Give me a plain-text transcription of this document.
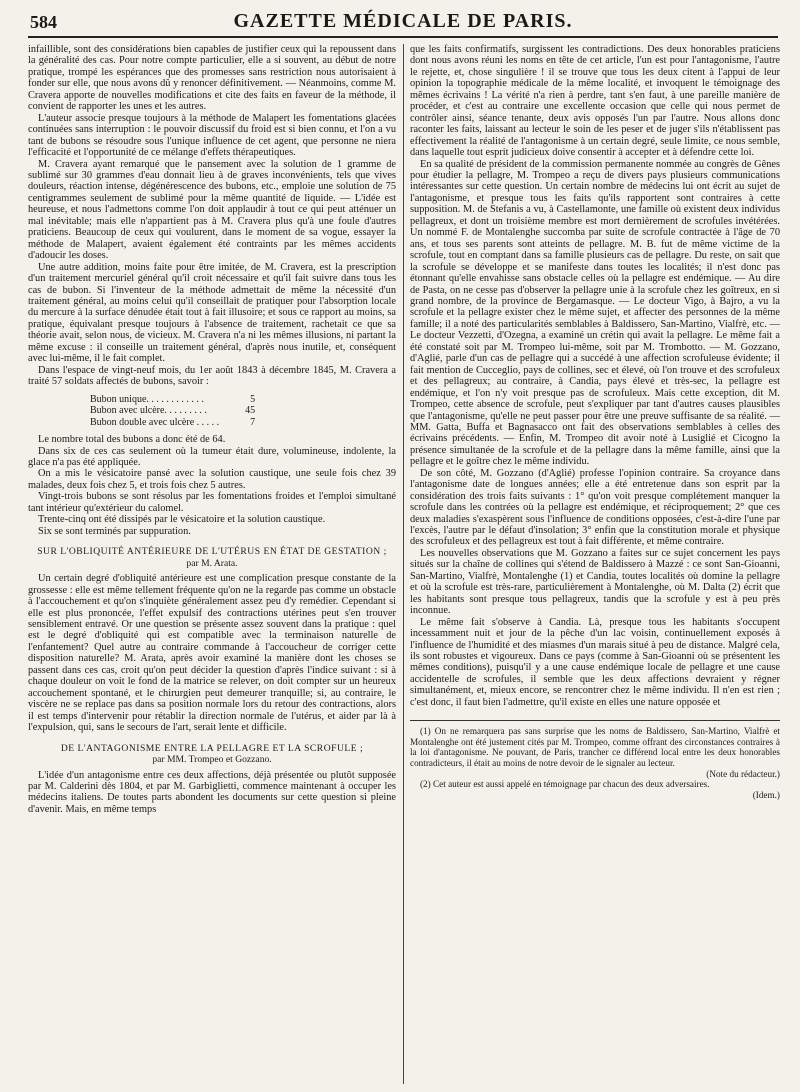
584	GAZETTE MÉDICALE DE PARIS.

infaillible, sont des considérations bien capables de justifier ceux qui la repoussent dans la généralité des cas. Pour notre compte particulier, elle a si souvent, au début de notre pratique, trompé les espérances que des promesses sans restriction nous autorisaient à fonder sur elle, que nous avons dû y renoncer définitivement. — Néanmoins, comme M. Cravera apporte de nouvelles modifications et cite des faits en faveur de la méthode, il convient de rapporter les unes et les autres.

L'auteur associe presque toujours à la méthode de Malapert les fomentations glacées continuées sans interruption : le pouvoir discussif du froid est si bien connu, et l'on a vu tant de bubons se résoudre sous l'unique influence de cet agent, que personne ne niera l'efficacité et l'opportunité de ce mélange d'effets thérapeutiques.

M. Cravera ayant remarqué que le pansement avec la solution de 1 gramme de sublimé sur 30 grammes d'eau donnait lieu à de graves inconvénients, tels que vives douleurs, réaction intense, dégénérescence des bubons, etc., emploie une solution de 75 centigrammes seulement de sublimé pour la même quantité de liquide. — L'idée est heureuse, et nous l'admettons comme l'on doit applaudir à tout ce qui peut atténuer un mal inévitable; mais elle n'appartient pas à M. Cravera plus qu'à une foule d'autres praticiens. Beaucoup de ceux qui voulurent, dans le moment de sa vogue, essayer la méthode de Malapert, avaient également été contraints par les mêmes accidents d'adoucir les doses.

Une autre addition, moins faite pour être imitée, de M. Cravera, est la prescription d'un traitement mercuriel général qu'il croit nécessaire et qu'il fait suivre dans tous les cas de bubon. Si l'inventeur de la méthode admettait de même la nécessité d'un traitement général, au moins celui qu'il conseillait de pratiquer pour l'absorption locale du mercure à la surface dénudée était tout à fait illusoire; et sous ce rapport au moins, sa pratique, équivalant presque toujours à l'absence de traitement, rachetait ce que sa théorie avait, selon nous, de vicieux. M. Cravera n'a ni les mêmes illusions, ni partant la même excuse : il conseille un traitement général, d'après nous inutile, et, conséquent avec lui-même, il le fait complet.

Dans l'espace de vingt-neuf mois, du 1er août 1843 à décembre 1845, M. Cravera a traité 57 soldats affectés de bubons, savoir :

Bubon unique. . . . . . . . . . . .	5
Bubon avec ulcère. . . . . . . . .	45
Bubon double avec ulcère . . . . .	7

Le nombre total des bubons a donc été de 64.

Dans six de ces cas seulement où la tumeur était dure, volumineuse, indolente, la glace n'a pas été appliquée.

On a mis le vésicatoire pansé avec la solution caustique, une seule fois chez 39 malades, deux fois chez 5, et trois fois chez 5 autres.

Vingt-trois bubons se sont résolus par les fomentations froides et l'emploi simultané tant intérieur qu'extérieur du calomel.

Trente-cinq ont été dissipés par le vésicatoire et la solution caustique.

Six se sont terminés par suppuration.

SUR L'OBLIQUITÉ ANTÉRIEURE DE L'UTÉRUS EN ÉTAT DE GESTATION ;
par M. Arata.

Un certain degré d'obliquité antérieure est une complication presque constante de la grossesse : elle est même tellement fréquente qu'on ne la regarde pas comme un obstacle à l'accouchement et qu'on s'inquiète généralement assez peu d'y remédier. Cependant si elle est plus prononcée, l'effet expulsif des contractions utérines peut s'en trouver sensiblement entravé. Or une question se présente assez souvent dans la pratique : quel est le degré d'obliquité qui est compatible avec la terminaison naturelle de l'enfantement? Quel autre au contraire commande à l'accoucheur de corriger cette disposition naturelle? M. Arata, après avoir examiné la manière dont les choses se passent dans ces cas, croit qu'on peut décider la question d'après l'indice suivant : si à chaque douleur on voit le fond de la matrice se relever, on doit compter sur un heureux accouchement spontané, et le chirurgien peut demeurer tranquille; si, au contraire, le viscère ne se replace pas dans sa position normale lors du retour des contractions, alors il est temps d'intervenir pour rétablir la direction normale de l'utérus, et aider par là à l'expulsion, qui, sans le secours de l'art, serait lente et difficile.

DE L'ANTAGONISME ENTRE LA PELLAGRE ET LA SCROFULE ;
par MM. Trompeo et Gozzano.

L'idée d'un antagonisme entre ces deux affections, déjà présentée ou plutôt supposée par M. Calderini dès 1804, et par M. Garbiglietti, commence maintenant à occuper les médecins italiens. De toutes parts abondent les documents sur cette question si pleine d'avenir. Mais, en même temps

que les faits confirmatifs, surgissent les contradictions. Des deux honorables praticiens dont nous avons réuni les noms en tête de cet article, l'un est pour l'antagonisme, l'autre le rejette, et, chose singulière ! il se trouve que tous les deux citent à l'appui de leur opinion la topographie médicale de la même localité, et invoquent le témoignage des mêmes écrivains ! La vérité n'a rien à perdre, tant s'en faut, à une pareille manière de procéder, et c'est au contraire une excellente occasion que celle qui nous permet de contrôler ainsi, séance tenante, deux avis opposés l'un par l'autre. Nous allons donc raconter les faits, laissant au lecteur le soin de les peser et de juger s'ils n'établissent pas effectivement la réalité de l'antagonisme à un certain degré, seule limite, ce nous semble, dans laquelle tout esprit judicieux doive consentir à accepter et à défendre cette loi.

En sa qualité de président de la commission permanente nommée au congrès de Gênes pour étudier la pellagre, M. Trompeo a reçu de divers pays plusieurs communications intéressantes sur cette question. Un certain nombre de médecins lui ont écrit au sujet de l'antagonisme, et presque tous les faits qu'ils rapportent sont contraires à cette supposition. M. de Stefanis a vu, à Castellamonte, une famille où existent deux individus pellagreux, et dont un troisième membre est mort dernièrement de scrofules invétérées. Un nommé F. de Montalenghe succomba par suite de scrofule contractée à l'âge de 70 ans, et tous ses parents sont atteints de pellagre. M. B. fut de même victime de la scrofule, tout en comptant dans sa famille plusieurs cas de pellagre. Du reste, on sait que la scrofule se développe et se manifeste dans toutes les localités; il n'est donc pas étonnant qu'elle envahisse sans obstacle celles où la pellagre est endémique. — Au dire de Pasta, on ne cesse pas d'observer la pellagre unie à la scrofule chez les goîtreux, en si grand nombre, de la province de Bergamasque. — Le docteur Vigo, à Bajro, a vu la scrofule et la pellagre exister chez le même sujet, et affecter des personnes de la même famille; il a noté des particularités semblables à Baldissero, San-Martino, Vialfrè, etc. — Le docteur Vezzetti, d'Ozegna, a examiné un crétin qui avait la pellagre. Le même fait a été constaté soit par M. Trompeo lui-même, soit par M. Trombotto. — M. Gozzano, d'Aglié, parle d'un cas de pellagre qui a succédé à une affection scrofuleuse évidente; il fait mention de Cucceglio, pays de collines, sec et élevé, où l'on trouve et des scrofuleux et des pellagreux; au contraire, à Candia, pays élevé et très-sec, la pellagre est endémique, et l'on n'y voit presque pas de scrofuleux. Mais cette exception, dit M. Trompeo, cette absence de scrofule, peut s'expliquer par tant d'autres causes plausibles que l'antagonisme, qu'elle ne peut passer pour être une preuve suffisante de sa réalité. — MM. Gatta, Buffa et Bagnasacco ont fait des observations semblables à celles des écrivains précédents. — Enfin, M. Trompeo dit avoir noté à Lusiglié et Cicogno la présence simultanée de la scrofule et de la pellagre dans la même famille, ainsi que la pellagre et le goître chez le même individu.

De son côté, M. Gozzano (d'Aglié) professe l'opinion contraire. Sa croyance dans l'antagonisme date de longues années; elle a été entretenue dans son esprit par la considération des trois faits suivants : 1° qu'on voit presque complétement manquer la scrofule dans les contrées où la pellagre est endémique, et réciproquement; 2° que ces deux maladies s'exaspèrent sous l'influence de conditions opposées, c'est-à-dire l'une par l'excès, l'autre par le défaut d'insolation; 3° enfin que la constitution morale et physique des scrofuleux et des pellagreux est tout à fait différente, et même contraire.

Les nouvelles observations que M. Gozzano a faites sur ce sujet concernent les pays situés sur la chaîne de collines qui s'étend de Baldissero à Mazzé : ce sont San-Gioanni, San-Martino, Vialfrè, Montalenghe (1) et Candia, toutes localités où domine la pellagre et où la scrofule est très-rare, particulièrement à Montalenghe, où M. Dalta (2) écrit que les habitants sont presque tous pellagreux, tandis que la scrofule y est à peu près inconnue.

Le même fait s'observe à Candia. Là, presque tous les habitants s'occupent incessamment nuit et jour de la pêche d'un lac voisin, continuellement exposés à l'influence de l'humidité et des miasmes d'un marais situé à peu de distance. Malgré cela, ils sont robustes et vigoureux. Dans ce pays (comme à San-Gioanni où se présentent les mêmes conditions), puisqu'il y a une cause endémique locale de pellagre et une cause accidentelle de scrofules, il semble que les deux affections devraient y régner simultanément, et, mieux encore, se rencontrer chez le même individu. Il n'en est rien ; c'est donc, il faut bien l'admettre, qu'il existe en elles une nature opposée et

(1) On ne remarquera pas sans surprise que les noms de Baldissero, San-Martino, Vialfrè et Montalenghe ont été justement cités par M. Trompeo, comme offrant des circonstances contraires à la loi d'antagonisme. Ne pouvant, de Paris, trancher ce différend local entre les deux honorables contradicteurs, il était au moins de notre devoir de le signaler au lecteur.

(Note du rédacteur.)

(2) Cet auteur est aussi appelé en témoignage par chacun des deux adversaires.

(Idem.)
